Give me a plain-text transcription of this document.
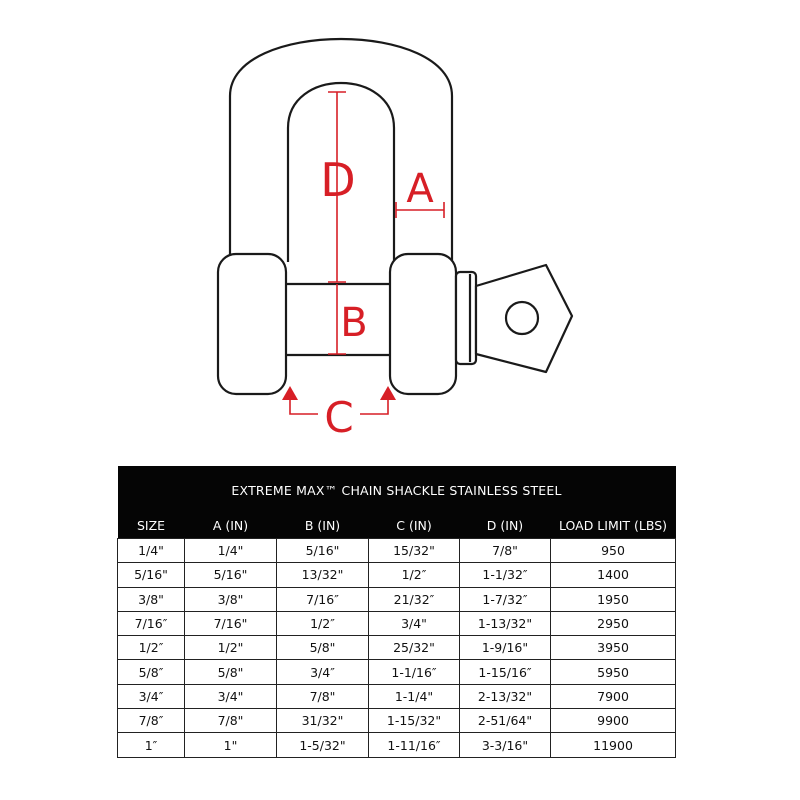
D A
B
C
EXTREME MAX™ CHAIN SHACKLE STAINLESS STEEL					
SIZE	A (IN)	B (IN)	C (IN)	D (IN)	LOAD LIMIT (LBS)
1/4"	1/4"	5/16"	15/32"	7/8"	950
5/16"	5/16"	13/32"	1/2″	1-1/32″	1400
3/8"	3/8"	7/16″	21/32″	1-7/32″	1950
7/16″	7/16"	1/2″	3/4"	1-13/32"	2950
1/2″	1/2"	5/8"	25/32"	1-9/16"	3950
5/8″	5/8"	3/4″	1-1/16″	1-15/16″	5950
3/4″	3/4"	7/8"	1-1/4"	2-13/32"	7900
7/8″	7/8"	31/32"	1-15/32"	2-51/64"	9900
1″	1"	1-5/32"	1-11/16″	3-3/16"	11900
